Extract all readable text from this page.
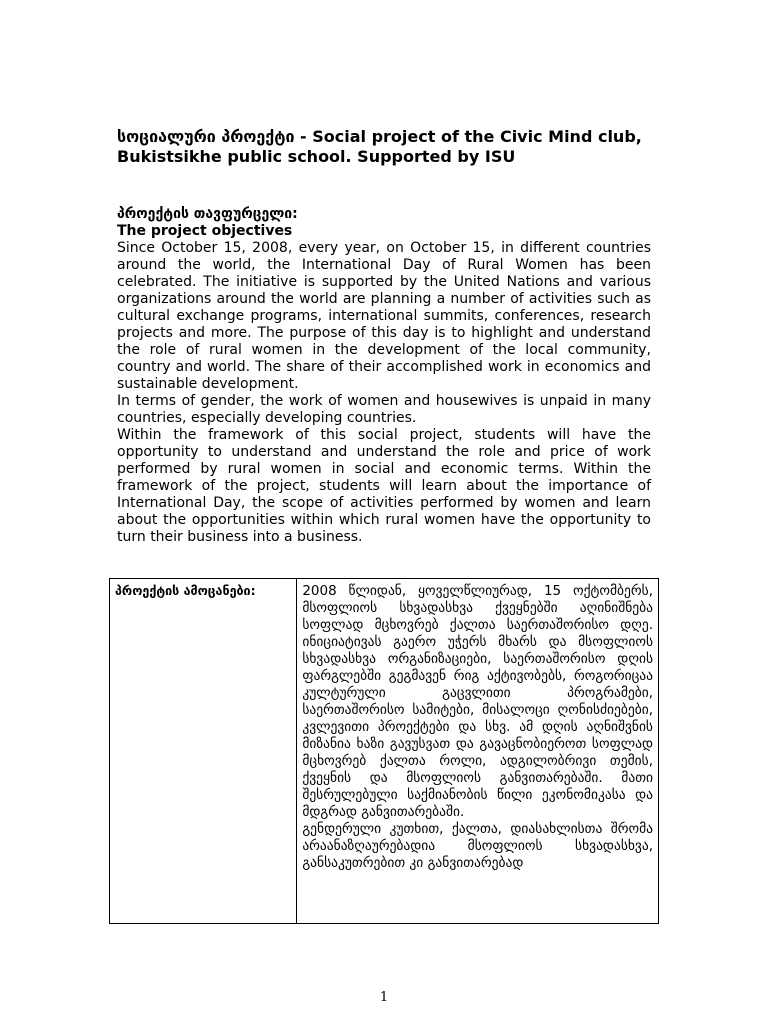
სოციალური პროექტი - Social project of the Civic Mind club, Bukistsikhe public school. Supported by ISU
პროექტის თავფურცელი:
The project objectives

Since October 15, 2008, every year, on October 15, in different countries around the world, the International Day of Rural Women has been celebrated. The initiative is supported by the United Nations and various organizations around the world are planning a number of activities such as cultural exchange programs, international summits, conferences, research projects and more. The purpose of this day is to highlight and understand the role of rural women in the development of the local community, country and world. The share of their accomplished work in economics and sustainable development.

In terms of gender, the work of women and housewives is unpaid in many countries, especially developing countries.

Within the framework of this social project, students will have the opportunity to understand and understand the role and price of work performed by rural women in social and economic terms. Within the framework of the project, students will learn about the importance of International Day, the scope of activities performed by women and learn about the opportunities within which rural women have the opportunity to turn their business into a business.

პროექტის ამოცანები:	2008 წლიდან, ყოველწლიურად, 15 ოქტომბერს, მსოფლიოს სხვადასხვა ქვეყნებში აღინიშნება სოფლად მცხოვრებ ქალთა საერთაშორისო დღე. ინიციატივას გაერო უჭერს მხარს და მსოფლიოს სხვადასხვა ორგანიზაციები, საერთაშორისო დღის ფარგლებში გეგმავენ რიგ აქტივობებს, როგორიცაა კულტურული გაცვლითი პროგრამები, საერთაშორისო სამიტები, მისალოცი ღონისძიებები, კვლევითი პროექტები და სხვ. ამ დღის აღნიშვნის მიზანია ხაზი გავუსვათ და გავაცნობიეროთ სოფლად მცხოვრებ ქალთა როლი, ადგილობრივი თემის, ქვეყნის და მსოფლიოს განვითარებაში. მათი შესრულებული საქმიანობის წილი ეკონომიკასა და მდგრად განვითარებაში.

გენდერული კუთხით, ქალთა, დიასახლისთა შრომა არაანაზღაურებადია მსოფლიოს სხვადასხვა, განსაკუთრებით კი განვითარებად

1
